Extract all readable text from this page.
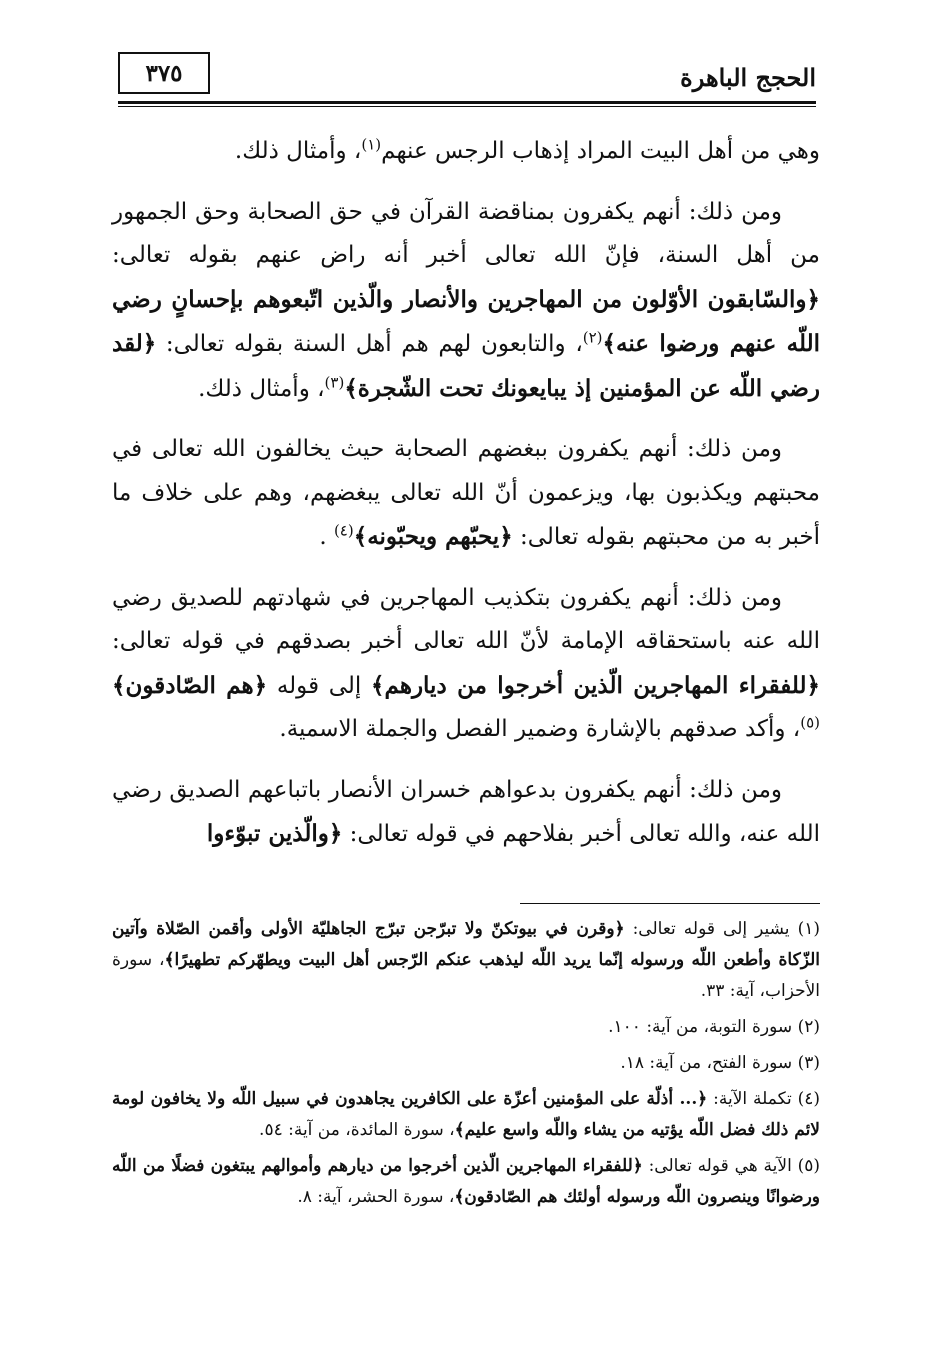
الحجج الباهرة
٣٧٥

وهي من أهل البيت المراد إذهاب الرجس عنهم$^{(١)}$، وأمثال ذلك.

ومن ذلك: أنهم يكفرون بمناقضة القرآن في حق الصحابة وحق الجمهور من أهل السنة، فإنّ الله تعالى أخبر أنه راض عنهم بقوله تعالى: ﴿والسّابقون الأوّلون من المهاجرين والأنصار والّذين اتّبعوهم بإحسانٍ رضي اللّه عنهم ورضوا عنه﴾$^{(٢)}$، والتابعون لهم هم أهل السنة بقوله تعالى: ﴿لقد رضي اللّه عن المؤمنين إذ يبايعونك تحت الشّجرة﴾$^{(٣)}$، وأمثال ذلك.

ومن ذلك: أنهم يكفرون ببغضهم الصحابة حيث يخالفون الله تعالى في محبتهم ويكذبون بها، ويزعمون أنّ الله تعالى يبغضهم، وهم على خلاف ما أخبر به من محبتهم بقوله تعالى: ﴿يحبّهم ويحبّونه﴾$^{(٤)}$ .

ومن ذلك: أنهم يكفرون بتكذيب المهاجرين في شهادتهم للصديق رضي الله عنه باستحقاقه الإمامة لأنّ الله تعالى أخبر بصدقهم في قوله تعالى: ﴿للفقراء المهاجرين الّذين أخرجوا من ديارهم﴾ إلى قوله ﴿هم الصّادقون﴾$^{(٥)}$، وأكد صدقهم بالإشارة وضمير الفصل والجملة الاسمية.

ومن ذلك: أنهم يكفرون بدعواهم خسران الأنصار باتباعهم الصديق رضي الله عنه، والله تعالى أخبر بفلاحهم في قوله تعالى: ﴿والّذين تبوّءوا

(١) يشير إلى قوله تعالى: ﴿وقرن في بيوتكنّ ولا تبرّجن تبرّج الجاهليّة الأولى وأقمن الصّلاة وآتين الزّكاة وأطعن اللّه ورسوله إنّما يريد اللّه ليذهب عنكم الرّجس أهل البيت ويطهّركم تطهيرًا﴾، سورة الأحزاب، آية: ٣٣.

(٢) سورة التوبة، من آية: ١٠٠.

(٣) سورة الفتح، من آية: ١٨.

(٤) تكملة الآية: ﴿... أذلّة على المؤمنين أعزّة على الكافرين يجاهدون في سبيل اللّه ولا يخافون لومة لائم ذلك فضل اللّه يؤتيه من يشاء واللّه واسع عليم﴾، سورة المائدة، من آية: ٥٤.

(٥) الآية هي قوله تعالى: ﴿للفقراء المهاجرين الّذين أخرجوا من ديارهم وأموالهم يبتغون فضلًا من اللّه ورضوانًا وينصرون اللّه ورسوله أولئك هم الصّادقون﴾، سورة الحشر، آية: ٨.
